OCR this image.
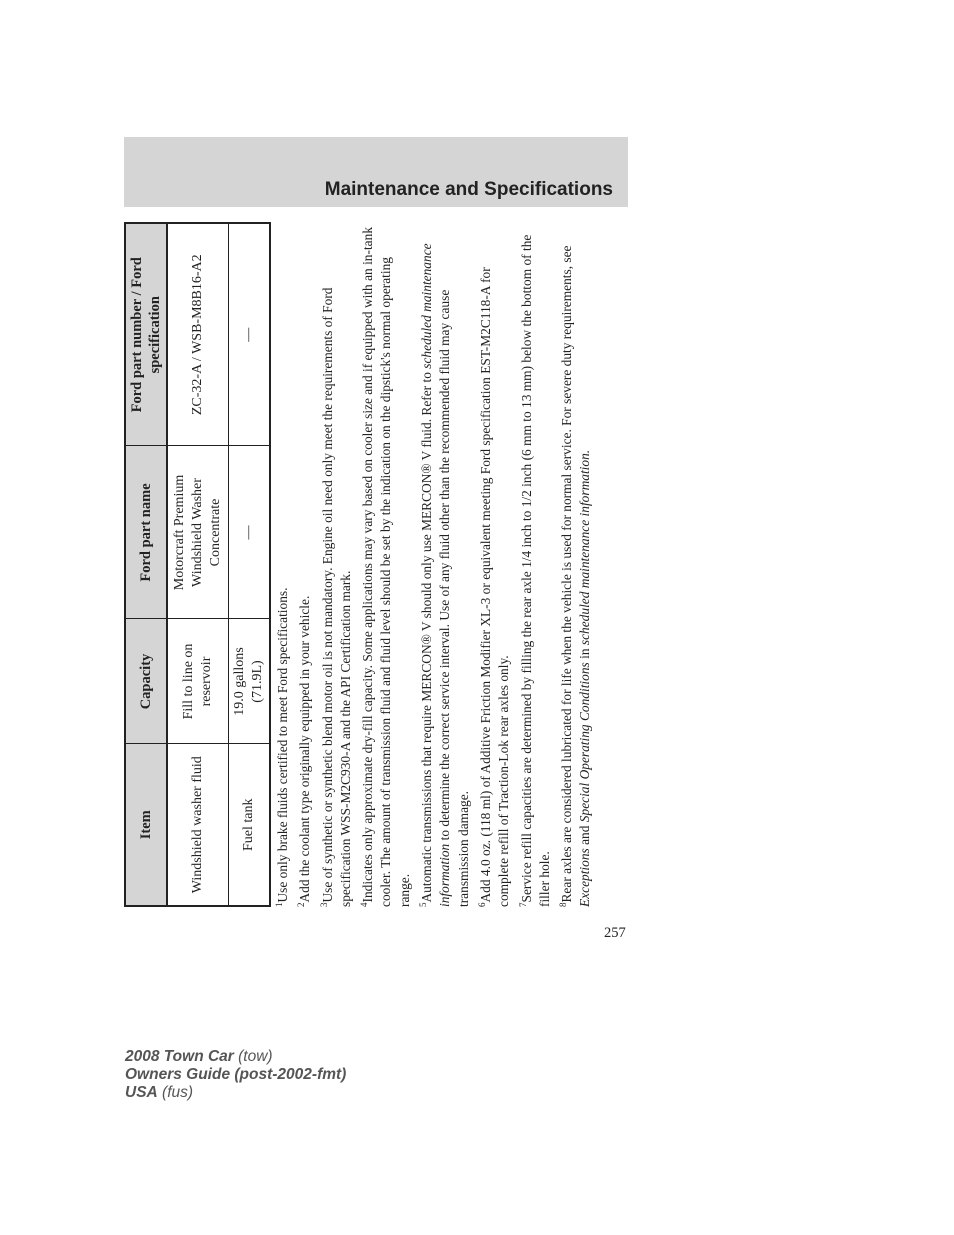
Maintenance and Specifications
Item	Capacity	Ford part name	Ford part number / Ford specification
Windshield washer fluid	Fill to line on reservoir	Motorcraft Premium Windshield Washer Concentrate	ZC-32-A / WSB-M8B16-A2
Fuel tank	19.0 gallons (71.9L)	—	—

$^1$Use only brake fluids certified to meet Ford specifications.

$^2$Add the coolant type originally equipped in your vehicle.

$^3$Use of synthetic or synthetic blend motor oil is not mandatory. Engine oil need only meet the requirements of Ford specification WSS-M2C930-A and the API Certification mark. $^4$Indicates only approximate dry-fill capacity. Some applications may vary based on cooler size and if equipped with an in-tank cooler. The amount of transmission fluid and fluid level should be set by the indication on the dipstick's normal operating range. $^5$Automatic transmissions that require MERCON® V should only use MERCON® V fluid. Refer to scheduled maintenance information to determine the correct service interval. Use of any fluid other than the recommended fluid may cause transmission damage. $^6$Add 4.0 oz. (118 ml) of Additive Friction Modifier XL-3 or equivalent meeting Ford specification EST-M2C118-A for complete refill of Traction-Lok rear axles only. $^7$Service refill capacities are determined by filling the rear axle 1/4 inch to 1/2 inch (6 mm to 13 mm) below the bottom of the filler hole. $^8$Rear axles are considered lubricated for life when the vehicle is used for normal service. For severe duty requirements, see Exceptions and Special Operating Conditions in scheduled maintenance information.

257
2008 Town Car (tow)
Owners Guide (post-2002-fmt)
USA (fus)
